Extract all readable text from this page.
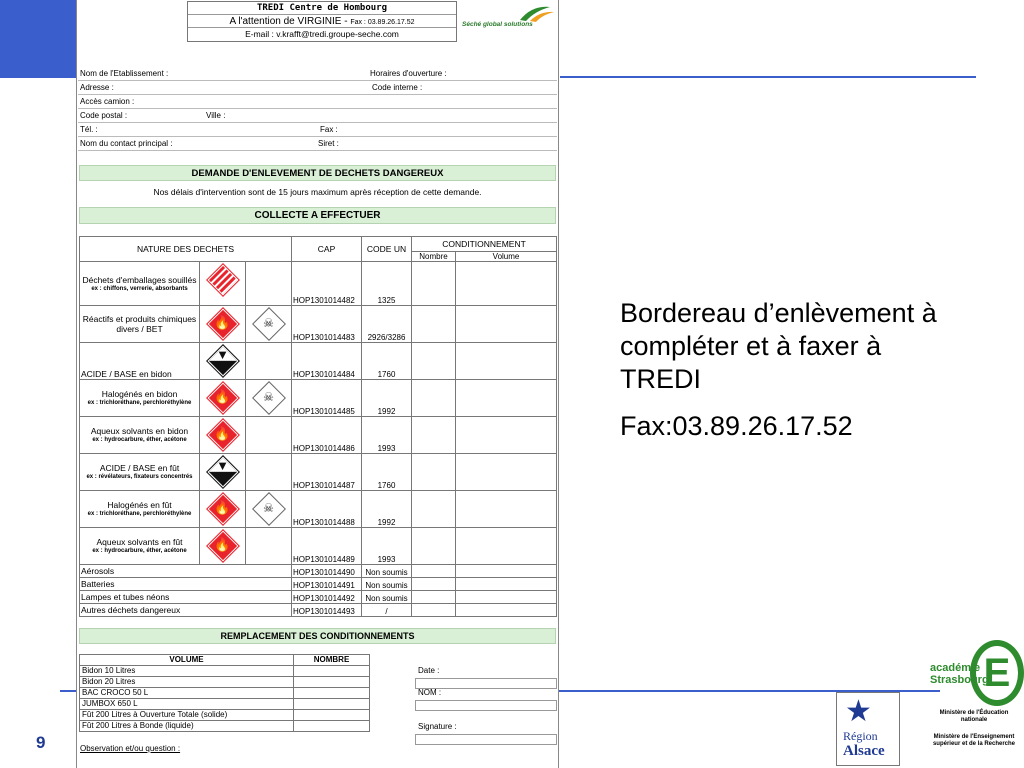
9
Bordereau d’enlèvement à compléter et à faxer à TREDI
Fax:03.89.26.17.52
TREDI Centre de Hombourg
A l'attention de VIRGINIE - Fax : 03.89.26.17.52
E-mail : v.krafft@tredi.groupe-seche.com
Séché global solutions
Nom de l'Etablissement :	Horaires d'ouverture :
Adresse :	Code interne :
Accès camion :
Code postal :	Ville :
Tél. :	Fax :
Nom du contact principal :	Siret :
DEMANDE D'ENLEVEMENT DE DECHETS DANGEREUX
Nos délais d'intervention sont de 15 jours maximum après réception de cette demande.
COLLECTE A EFFECTUER
NATURE DES DECHETS			CAP	CODE UN	CONDITIONNEMENT	
					Nombre	Volume
Déchets d'emballages souillés
ex : chiffons, verrerie, absorbants			HOP1301014482	1325		
Réactifs et produits chimiques divers / BET	🔥	☠	HOP1301014483	2926/3286		
ACIDE / BASE en bidon	▼		HOP1301014484	1760		
Halogénés en bidon
ex : trichloréthane, perchloréthylène	🔥	☠	HOP1301014485	1992		
Aqueux solvants en bidon
ex : hydrocarbure, éther, acétone	🔥		HOP1301014486	1993		
ACIDE / BASE en fût
ex : révélateurs, fixateurs concentrés	▼		HOP1301014487	1760		
Halogénés en fût
ex : trichloréthane, perchloréthylène	🔥	☠	HOP1301014488	1992		
Aqueux solvants en fût
ex : hydrocarbure, éther, acétone	🔥		HOP1301014489	1993		
Aérosols			HOP1301014490	Non soumis		
Batteries			HOP1301014491	Non soumis		
Lampes et tubes néons			HOP1301014492	Non soumis		
Autres déchets dangereux			HOP1301014493	/		
REMPLACEMENT DES CONDITIONNEMENTS
VOLUME	NOMBRE
Bidon 10 Litres	
Bidon 20 Litres	
BAC CROCO 50 L	
JUMBOX 650 L	
Fût 200 Litres à Ouverture Totale (solide)	
Fût 200 Litres à Bonde (liquide)	
Date :
NOM :
Signature :
Observation et/ou question :
★
Région
Alsace
E
académie
Strasbourg
Ministère de l'Éducation nationale
Ministère de l'Enseignement supérieur et de la Recherche
